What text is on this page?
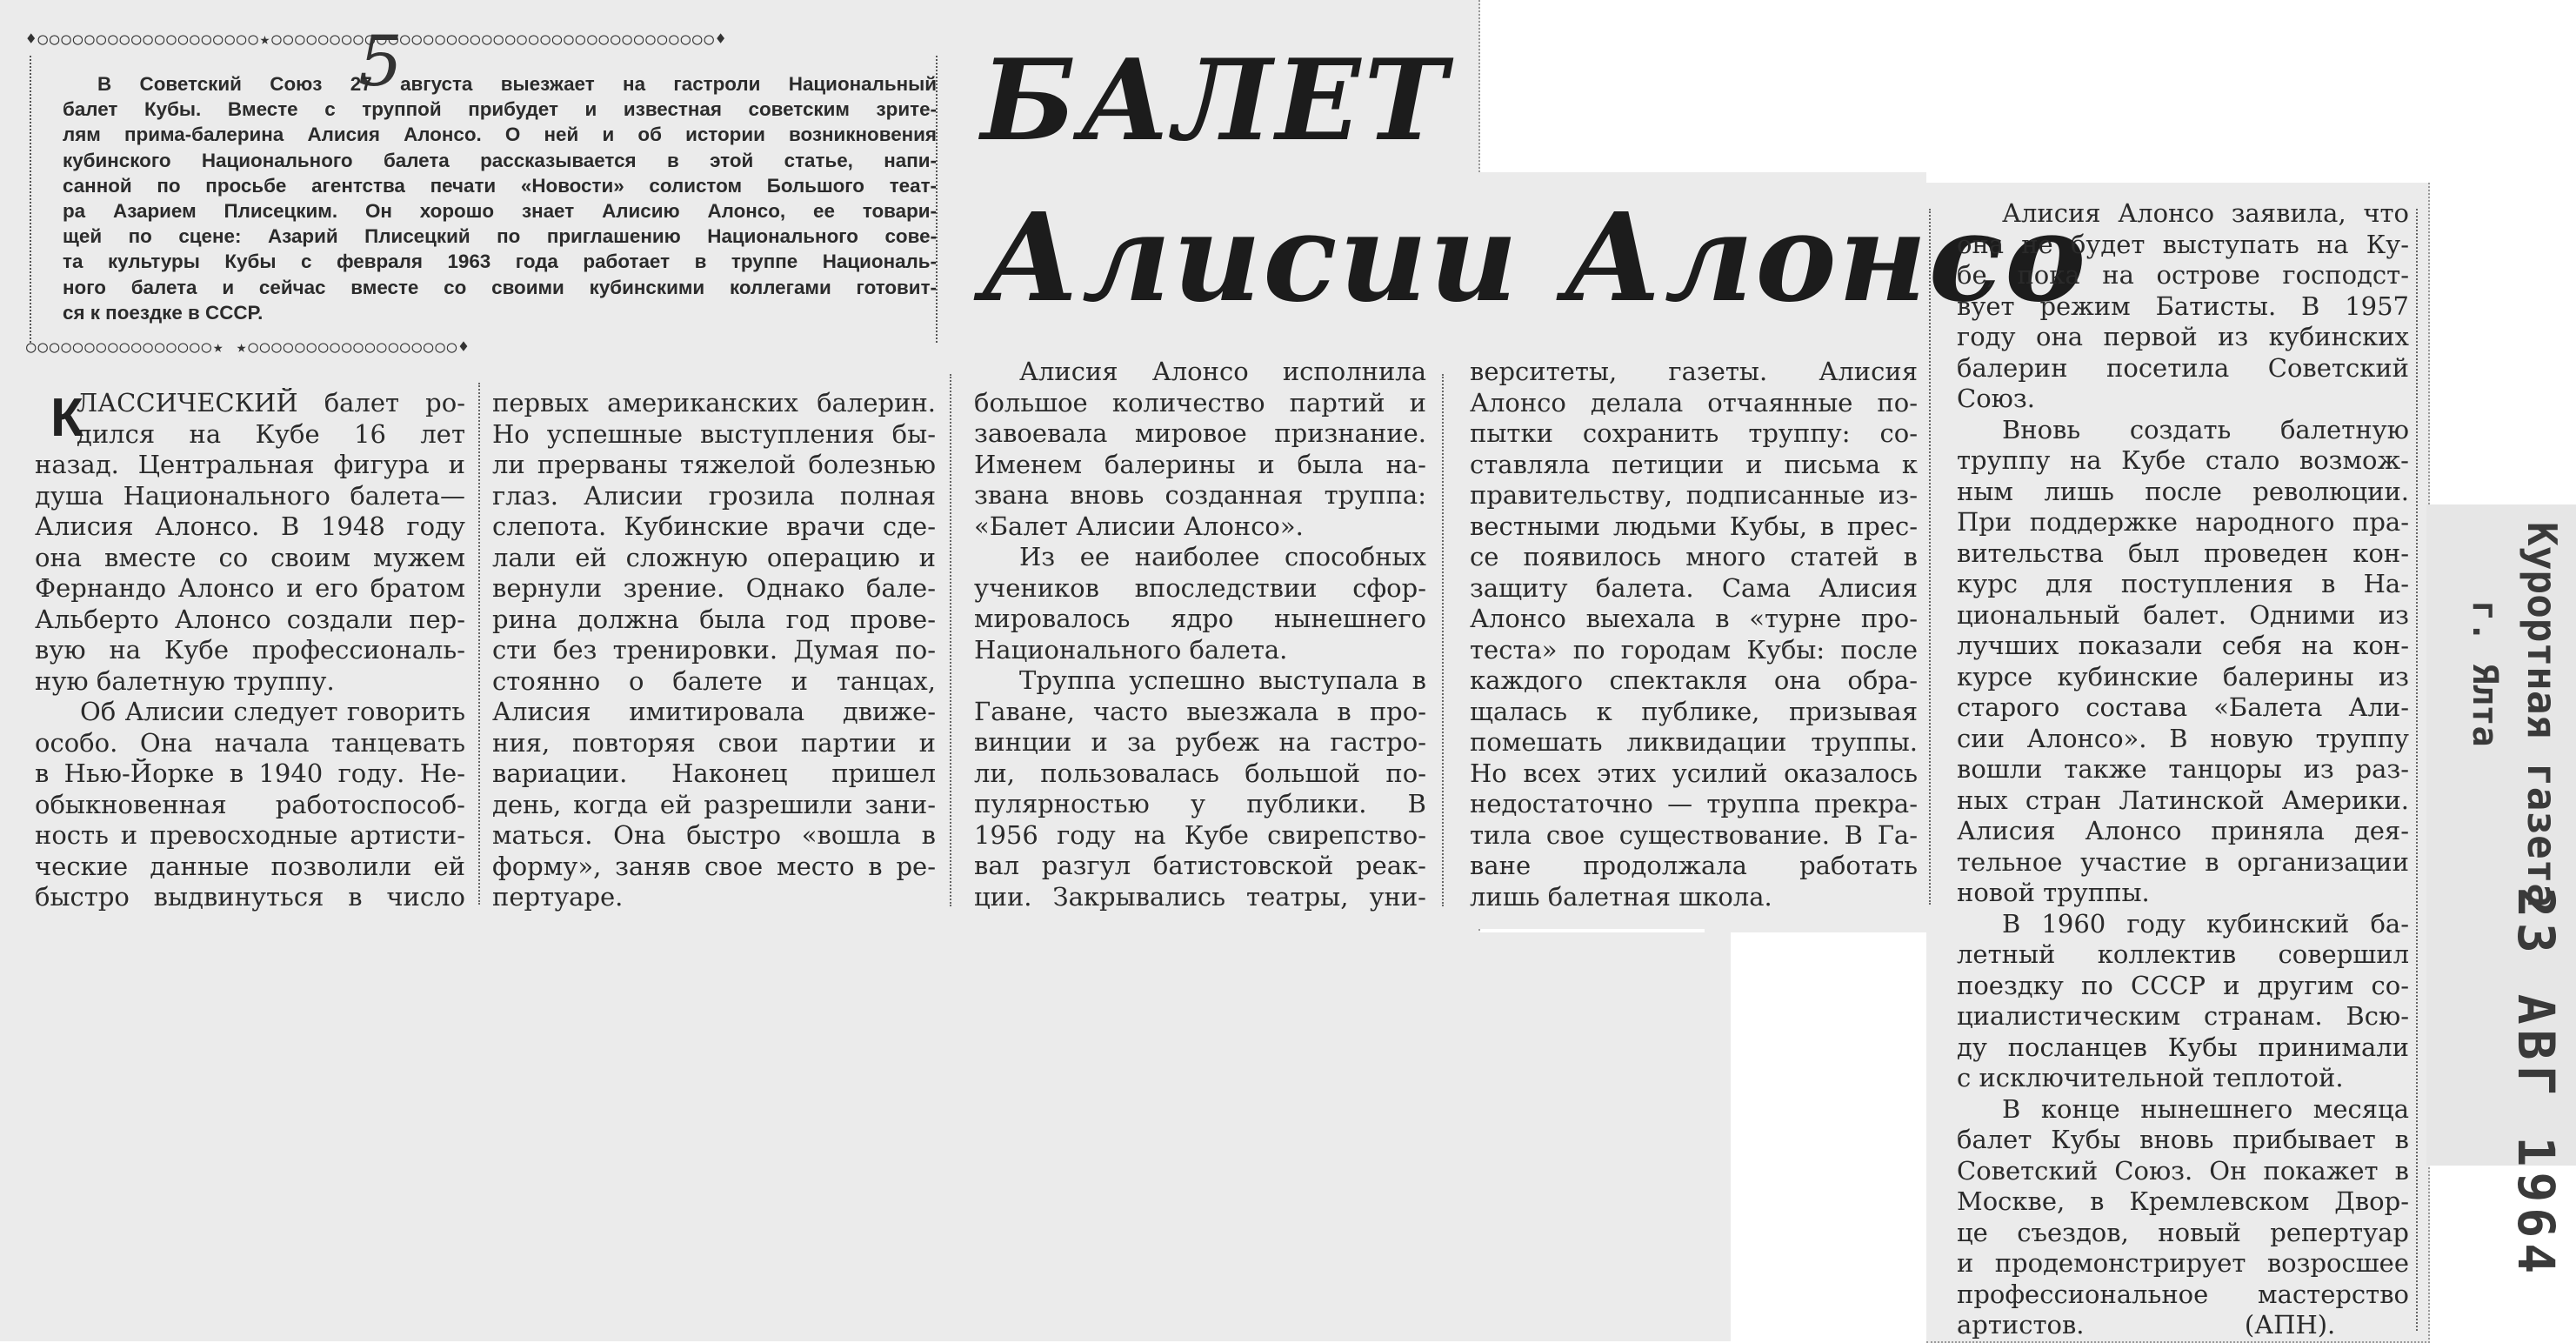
5
♦○○○○○○○○○○○○○○○○○○○★○○○○○○○○○○○○○○○○○○○○○○○○○○○○○○○○○○○○○○♦
○○○○○○○○○○○○○○○○★ ★○○○○○○○○○○○○○○○○○○♦
В Советский Союз 27 августа выезжает на гастроли Национальный
балет Кубы. Вместе с труппой прибудет и известная советским зрите-
лям прима-балерина Алисия Алонсо. О ней и об истории возникновения
кубинского Национального балета рассказывается в этой статье, напи-
санной по просьбе агентства печати «Новости» солистом Большого теат-
ра Азарием Плисецким. Он хорошо знает Алисию Алонсо, ее товари-
щей по сцене: Азарий Плисецкий по приглашению Национального сове-
та культуры Кубы с февраля 1963 года работает в труппе Националь-
ного балета и сейчас вместе со своими кубинскими коллегами готовит-
ся к поездке в СССР.
БАЛЕТ
Алисии Алонсо
К
ЛАССИЧЕСКИЙ балет ро-
дился на Кубе 16 лет
назад. Центральная фигура и
душа Национального балета—
Алисия Алонсо. В 1948 году
она вместе со своим мужем
Фернандо Алонсо и его братом
Альберто Алонсо создали пер-
вую на Кубе профессиональ-
ную балетную труппу.
Об Алисии следует говорить
особо. Она начала танцевать
в Нью-Йорке в 1940 году. Не-
обыкновенная работоспособ-
ность и превосходные артисти-
ческие данные позволили ей
быстро выдвинуться в число
первых американских балерин.
Но успешные выступления бы-
ли прерваны тяжелой болезнью
глаз. Алисии грозила полная
слепота. Кубинские врачи сде-
лали ей сложную операцию и
вернули зрение. Однако бале-
рина должна была год прове-
сти без тренировки. Думая по-
стоянно о балете и танцах,
Алисия имитировала движе-
ния, повторяя свои партии и
вариации. Наконец пришел
день, когда ей разрешили зани-
маться. Она быстро «вошла в
форму», заняв свое место в ре-
пертуаре.
Алисия Алонсо исполнила
большое количество партий и
завоевала мировое признание.
Именем балерины и была на-
звана вновь созданная труппа:
«Балет Алисии Алонсо».
Из ее наиболее способных
учеников впоследствии сфор-
мировалось ядро нынешнего
Национального балета.
Труппа успешно выступала в
Гаване, часто выезжала в про-
винции и за рубеж на гастро-
ли, пользовалась большой по-
пулярностью у публики. В
1956 году на Кубе свирепство-
вал разгул батистовской реак-
ции. Закрывались театры, уни-
верситеты, газеты. Алисия
Алонсо делала отчаянные по-
пытки сохранить труппу: со-
ставляла петиции и письма к
правительству, подписанные из-
вестными людьми Кубы, в прес-
се появилось много статей в
защиту балета. Сама Алисия
Алонсо выехала в «турне про-
теста» по городам Кубы: после
каждого спектакля она обра-
щалась к публике, призывая
помешать ликвидации труппы.
Но всех этих усилий оказалось
недостаточно — труппа прекра-
тила свое существование. В Га-
ване продолжала работать
лишь балетная школа.
Алисия Алонсо заявила, что
она не будет выступать на Ку-
бе, пока на острове господст-
вует режим Батисты. В 1957
году она первой из кубинских
балерин посетила Советский
Союз.
Вновь создать балетную
труппу на Кубе стало возмож-
ным лишь после революции.
При поддержке народного пра-
вительства был проведен кон-
курс для поступления в На-
циональный балет. Одними из
лучших показали себя на кон-
курсе кубинские балерины из
старого состава «Балета Али-
сии Алонсо». В новую труппу
вошли также танцоры из раз-
ных стран Латинской Америки.
Алисия Алонсо приняла дея-
тельное участие в организации
новой труппы.
В 1960 году кубинский ба-
летный коллектив совершил
поездку по СССР и другим со-
циалистическим странам. Всю-
ду посланцев Кубы принимали
с исключительной теплотой.
В конце нынешнего месяца
балет Кубы вновь прибывает в
Советский Союз. Он покажет в
Москве, в Кремлевском Двор-
це съездов, новый репертуар
и продемонстрирует возросшее
профессиональное мастерство
артистов.                    (АПН).
Курортная газета
г. Ялта
23 АВГ 1964
